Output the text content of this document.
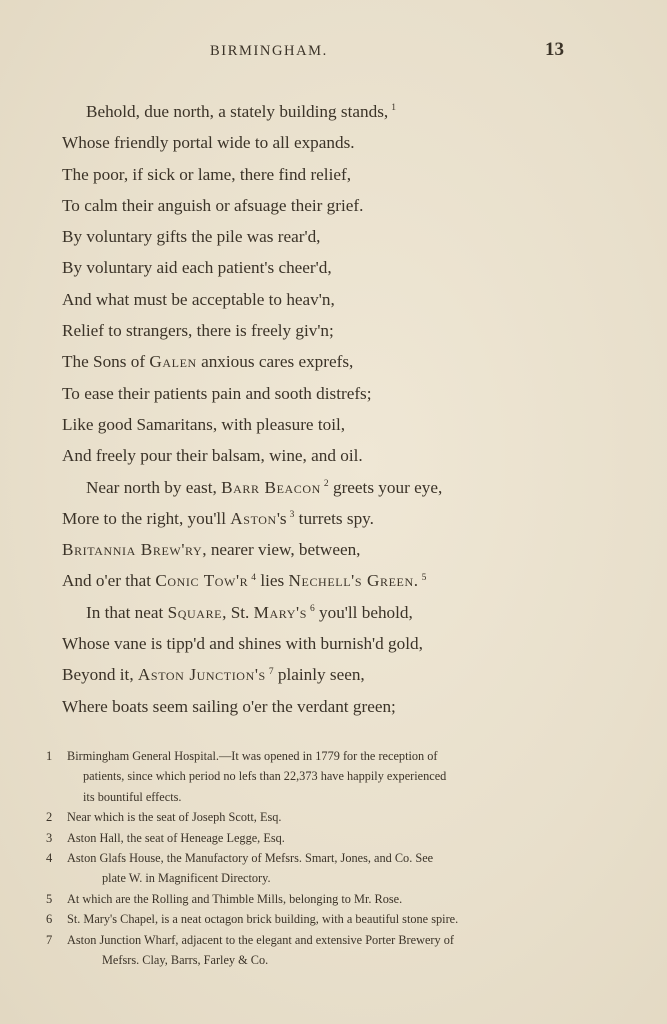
BIRMINGHAM.	13
Behold, due north, a stately building stands, $^1$
Whose friendly portal wide to all expands.
The poor, if sick or lame, there find relief,
To calm their anguish or afsuage their grief.
By voluntary gifts the pile was rear'd,
By voluntary aid each patient's cheer'd,
And what must be acceptable to heav'n,
Relief to strangers, there is freely giv'n;
The Sons of Galen anxious cares exprefs,
To ease their patients pain and sooth distrefs;
Like good Samaritans, with pleasure toil,
And freely pour their balsam, wine, and oil.
Near north by east, Barr Beacon $^2$ greets your eye,
More to the right, you'll Aston's $^3$ turrets spy.
Britannia Brew'ry, nearer view, between,
And o'er that Conic Tow'r $^4$ lies Nechell's Green. $^5$
In that neat Square, St. Mary's $^6$ you'll behold,
Whose vane is tipp'd and shines with burnish'd gold,
Beyond it, Aston Junction's $^7$ plainly seen,
Where boats seem sailing o'er the verdant green;
1	Birmingham General Hospital.—It was opened in 1779 for the reception of
patients, since which period no lefs than 22,373 have happily experienced
its bountiful effects.
2	Near which is the seat of Joseph Scott, Esq.
3	Aston Hall, the seat of Heneage Legge, Esq.
4	Aston Glafs House, the Manufactory of Mefsrs. Smart, Jones, and Co. See
plate W. in Magnificent Directory.
5	At which are the Rolling and Thimble Mills, belonging to Mr. Rose.
6	St. Mary's Chapel, is a neat octagon brick building, with a beautiful stone spire.
7	Aston Junction Wharf, adjacent to the elegant and extensive Porter Brewery of
Mefsrs. Clay, Barrs, Farley & Co.
